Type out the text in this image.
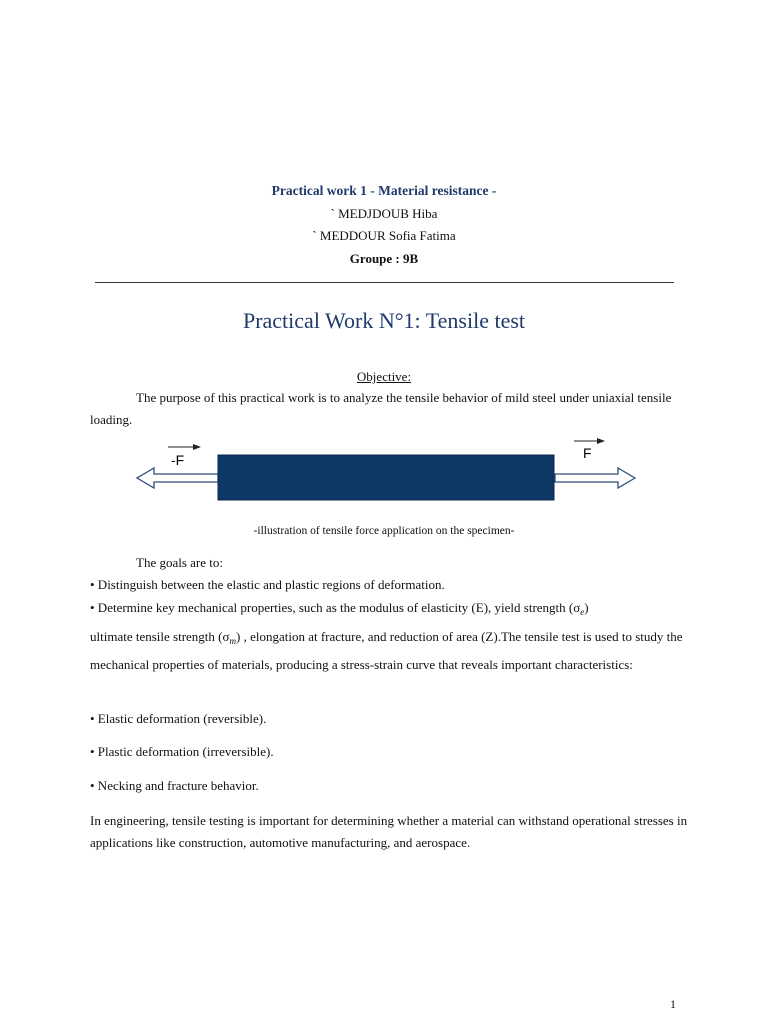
Practical work 1 - Material resistance -
` MEDJDOUB Hiba
` MEDDOUR Sofia Fatima
Groupe : 9B
Practical Work N°1: Tensile test
Objective:
The purpose of this practical work is to analyze the tensile behavior of mild steel under uniaxial tensile loading.
-F	F
-illustration of tensile force application on the specimen-
The goals are to:
• Distinguish between the elastic and plastic regions of deformation.
• Determine key mechanical properties, such as the modulus of elasticity (E), yield strength $(\sigma_e)$
ultimate tensile strength $(\sigma_m)$ , elongation at fracture, and reduction of area (Z).The tensile test is used to study the mechanical properties of materials, producing a stress-strain curve that reveals important characteristics:
• Elastic deformation (reversible).
• Plastic deformation (irreversible).
• Necking and fracture behavior.
In engineering, tensile testing is important for determining whether a material can withstand operational stresses in applications like construction, automotive manufacturing, and aerospace.
1
